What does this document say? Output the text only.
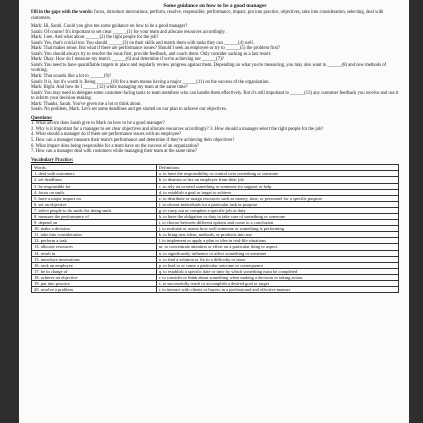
Some guidance on how to be a good manager
Fill in the gaps with the words: focus, introduce innovations, perform, resolve, responsible, performance, impact, put into practice, objectives, take into consideration, selecting, deal with customers.

Mark: Hi, Sarah. Could you give me some guidance on how to be a good manager?

Sarah: Of course! It's important to set clear ______(1) for your team and allocate resources accordingly.

Mark: I see. And what about ______(2) the right people for the job?

Sarah: Yes, that's crucial too. You should ______(3) on their skills and match them with tasks they can ______(4) well.

Mark: That makes sense. But what if there are performance issues? Should I seek an employee or try to ______(5) the problem first?

Sarah: You should always try to resolve the issue first, provide feedback, and coach them. Only consider sacking as a last resort.

Mark: Okay. How do I measure my team's ______(6) and determine if we're achieving our ______(7)?

Sarah: You need to have quantifiable targets in place and regularly review progress against them. Depending on what you're measuring, you may also want to ______(8) and new methods of working.

Mark: That sounds like a lot to ______(9)!

Sarah: It is, but it's worth it. Being ______(10) for a team means having a major ______(11) on the success of the organization.

Mark: Right. And how do I ______(12) while managing my team at the same time?

Sarah: You may need to delegate some customer-facing tasks to team members who can handle them effectively. But it's still important to ______(13) any customer feedback you receive and use it to inform your decision-making.

Mark: Thanks, Sarah. You've given me a lot to think about.

Sarah: No problem, Mark. Let's set some deadlines and get started on our plan to achieve our objectives.

Questions:

1. What advice does Sarah give to Mark on how to be a good manager?

2. Why is it important for a manager to set clear objectives and allocate resources accordingly? 3. How should a manager select the right people for the job?

4. What should a manager do if there are performance issues with an employee?

5. How can a manager measure their team's performance and determine if they're achieving their objectives?

6. What impact does being responsible for a team have on the success of an organization?

7. How can a manager deal with customers while managing their team at the same time?

Vocabulary Practice:
Words:	Definitions:
1. deal with customers	a. to have the responsibility or control over something or someone
2. set deadlines	b. to dismiss or fire an employee from their job
3. be responsible for	c. to rely on or need something or someone for support or help
4. focus on smth.	d. to establish a goal or target to achieve
5. have a major impact on	e. to distribute or assign resources such as money, time, or personnel for a specific purpose
6. set an objective	f. to choose individuals for a particular task or purpose
7. select people to do smth./for doing smth.	g. to carry out or complete a specific job or duty
8. measure the performance of	h. to have the obligation or duty to take care of something or someone
9. depend on	i. to choose between different options and come to a conclusion
10. make a decision	j. to evaluate or assess how well someone or something is performing
11. take into consideration	k. to bring new ideas, methods, or products into use
12. perform a task	l. to implement or apply a plan or idea in real-life situations
13. allocate resources	m. to concentrate attention or effort on a particular thing or aspect
14. result in	n. to significantly influence or affect something or someone
15. introduce innovations	o. to find a solution or fix to a difficulty or issue
16. sack an employee	p. to lead to or cause a particular outcome or consequence
17. be in charge of	q. to establish a specific date or time by which something must be completed
18. achieve an objective	r. to consider or think about something when making a decision or taking action
19. put into practice	s. to successfully reach or accomplish a desired goal or target
20. resolve a problem	t. to interact with clients or buyers in a professional and effective manner
